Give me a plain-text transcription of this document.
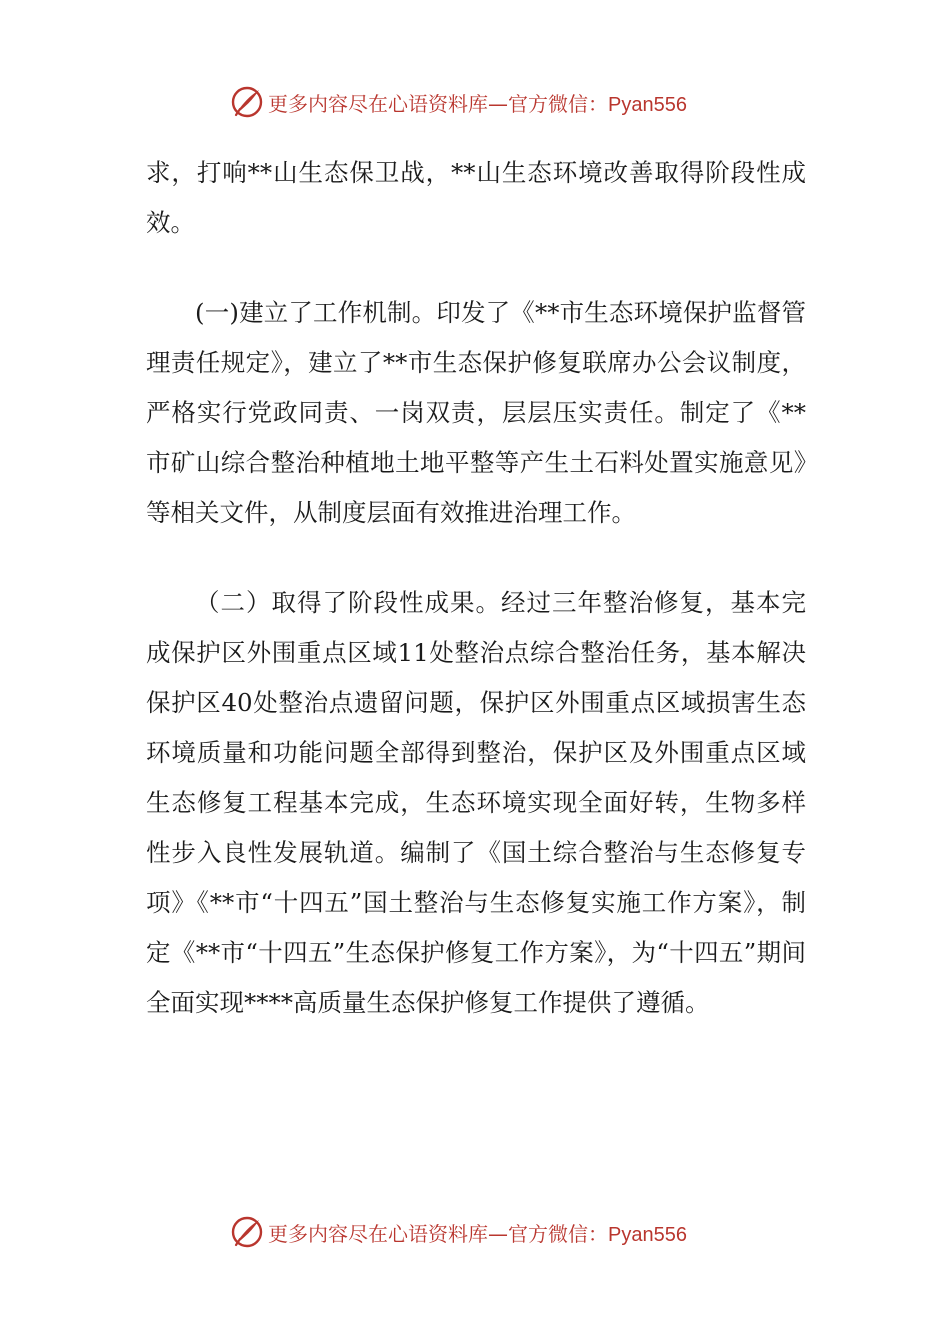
更多内容尽在心语资料库—官方微信：Pyan556

求，打响**山生态保卫战，**山生态环境改善取得阶段性成效。

(一)建立了工作机制。印发了《**市生态环境保护监督管理责任规定》，建立了**市生态保护修复联席办公会议制度，严格实行党政同责、一岗双责，层层压实责任。制定了《**市矿山综合整治种植地土地平整等产生土石料处置实施意见》等相关文件，从制度层面有效推进治理工作。

（二）取得了阶段性成果。经过三年整治修复，基本完成保护区外围重点区域11处整治点综合整治任务，基本解决保护区40处整治点遗留问题，保护区外围重点区域损害生态环境质量和功能问题全部得到整治，保护区及外围重点区域生态修复工程基本完成，生态环境实现全面好转，生物多样性步入良性发展轨道。编制了《国土综合整治与生态修复专项》《**市“十四五”国土整治与生态修复实施工作方案》，制定《**市“十四五”生态保护修复工作方案》，为“十四五”期间全面实现****高质量生态保护修复工作提供了遵循。

更多内容尽在心语资料库—官方微信：Pyan556
